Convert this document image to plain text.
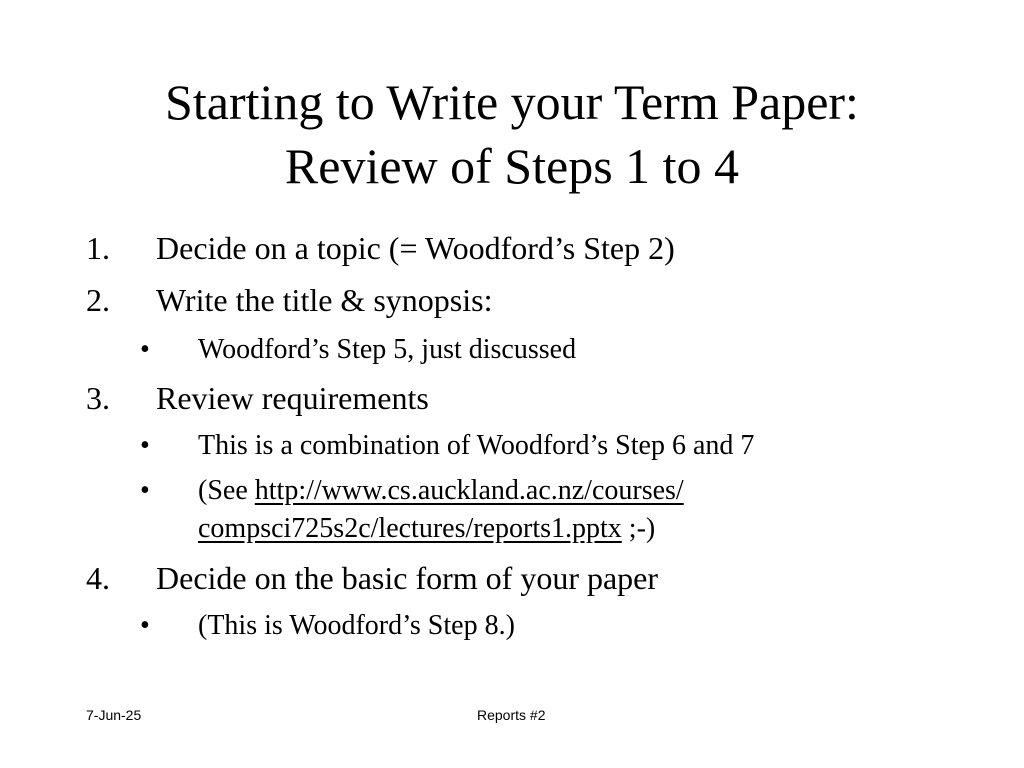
Starting to Write your Term Paper:
Review of Steps 1 to 4
1. Decide on a topic (= Woodford’s Step 2)
2. Write the title & synopsis:
• Woodford’s Step 5, just discussed
3. Review requirements
• This is a combination of Woodford’s Step 6 and 7
• (See http://www.cs.auckland.ac.nz/courses/
compsci725s2c/lectures/reports1.pptx ;-)
4. Decide on the basic form of your paper
• (This is Woodford’s Step 8.)
7-Jun-25	Reports #2
